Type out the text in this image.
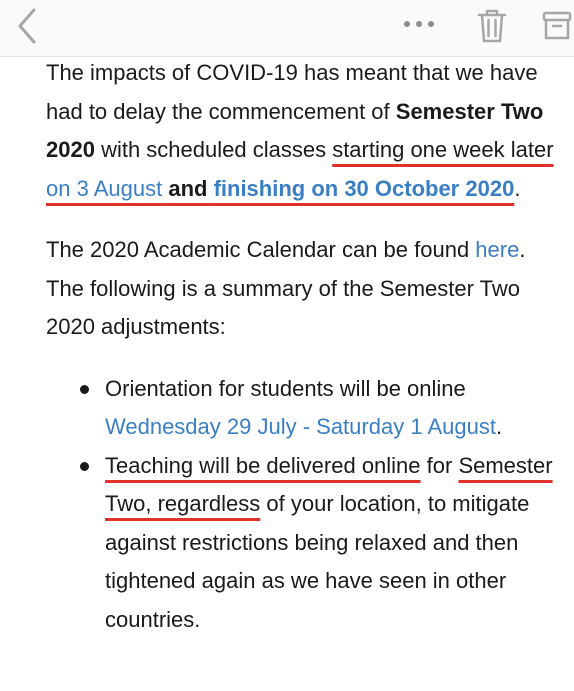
The impacts of COVID-19 has meant that we have had to delay the commencement of Semester Two 2020 with scheduled classes starting one week later on 3 August and finishing on 30 October 2020.

The 2020 Academic Calendar can be found here. The following is a summary of the Semester Two 2020 adjustments:

Orientation for students will be online Wednesday 29 July - Saturday 1 August.
Teaching will be delivered online for Semester Two, regardless of your location, to mitigate against restrictions being relaxed and then tightened again as we have seen in other countries.
